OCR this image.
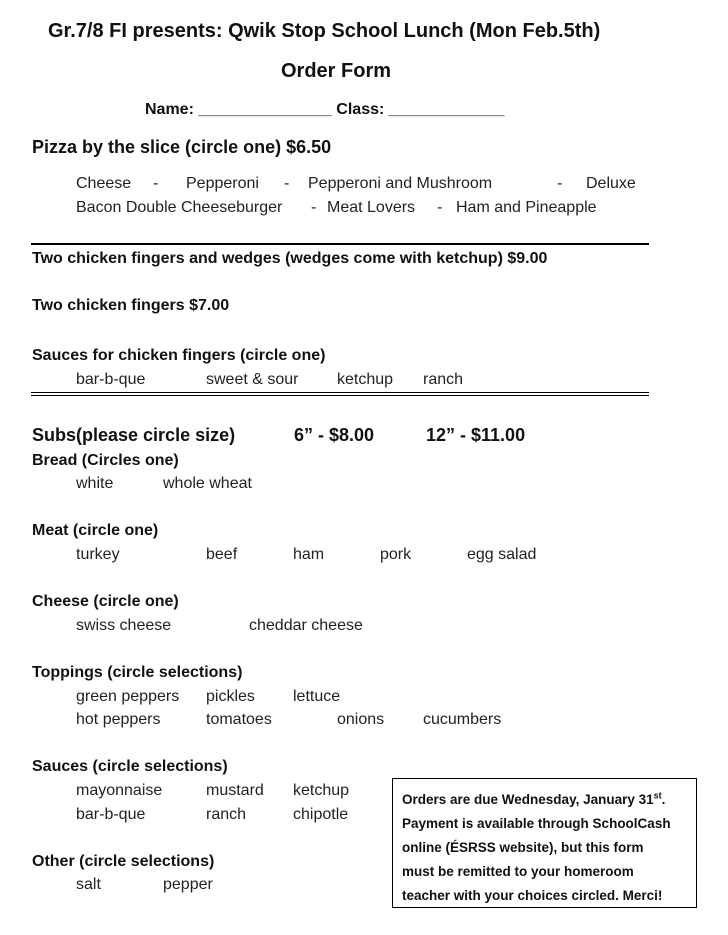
Gr.7/8 FI presents: Qwik Stop School Lunch (Mon Feb.5th)
Order Form
Name: _______________ Class: _____________
Pizza by the slice (circle one) $6.50
Cheese - Pepperoni - Pepperoni and Mushroom	- Deluxe
Bacon Double Cheeseburger - Meat Lovers - Ham and Pineapple
Two chicken fingers and wedges (wedges come with ketchup) $9.00
Two chicken fingers $7.00
Sauces for chicken fingers (circle one)
bar-b-que	sweet & sour ketchup ranch
Subs(please circle size)	6” - $8.00	12” - $11.00
Bread (Circles one)
white	whole wheat
Meat (circle one)
turkey	beef	ham	pork	egg salad
Cheese (circle one)
swiss cheese	cheddar cheese
Toppings (circle selections)
green peppers pickles lettuce
hot peppers	tomatoes	onions cucumbers
Sauces (circle selections)
mayonnaise	mustard ketchup
bar-b-que	ranch	chipotle
Other (circle selections)
salt	pepper
Orders are due Wednesday, January 31st.
Payment is available through SchoolCash
online (ÉSRSS website), but this form
must be remitted to your homeroom
teacher with your choices circled. Merci!
